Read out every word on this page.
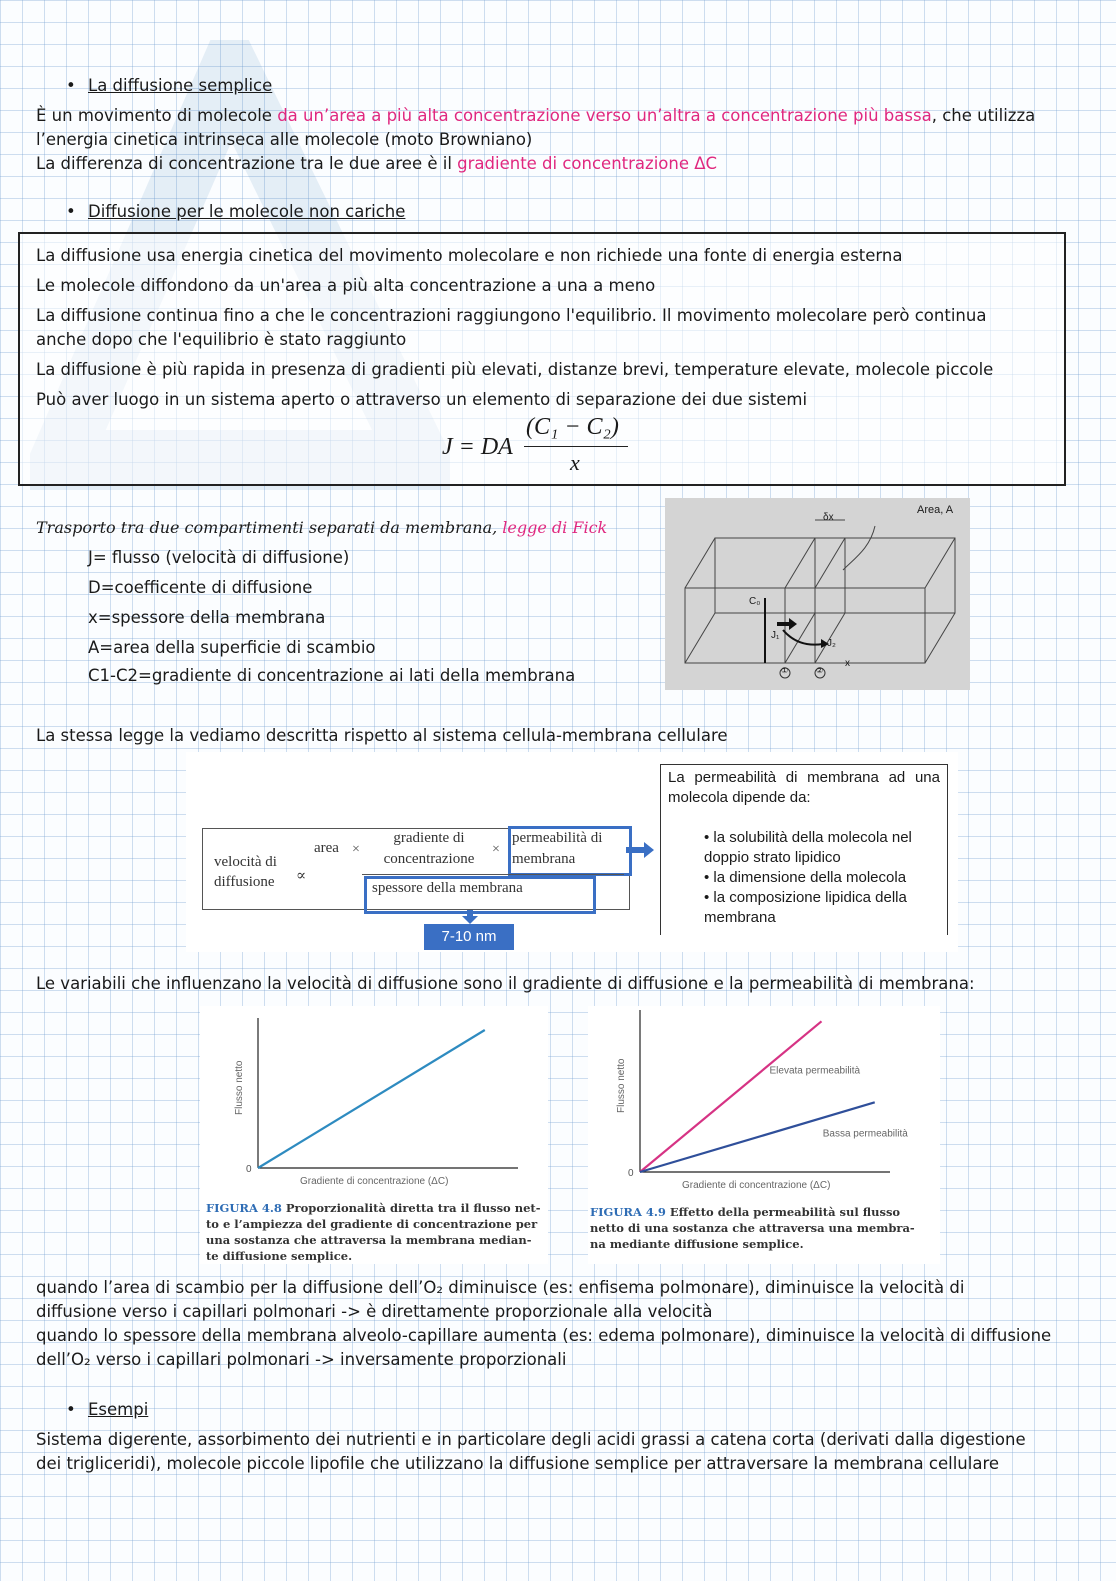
• La diffusione semplice
È un movimento di molecole da un’area a più alta concentrazione verso un’altra a concentrazione più bassa, che utilizza
l’energia cinetica intrinseca alle molecole (moto Browniano)
La differenza di concentrazione tra le due aree è il gradiente di concentrazione ΔC
• Diffusione per le molecole non cariche
La diffusione usa energia cinetica del movimento molecolare e non richiede una fonte di energia esterna
Le molecole diffondono da un'area a più alta concentrazione a una a meno
La diffusione continua fino a che le concentrazioni raggiungono l'equilibrio. Il movimento molecolare però continua
anche dopo che l'equilibrio è stato raggiunto
La diffusione è più rapida in presenza di gradienti più elevati, distanze brevi, temperature elevate, molecole piccole
Può aver luogo in un sistema aperto o attraverso un elemento di separazione dei due sistemi
J = DA
(C₁ − C₂)
x
Trasporto tra due compartimenti separati da membrana, legge di Fick
J= flusso (velocità di diffusione)
D=coefficente di diffusione
x=spessore della membrana
A=area della superficie di scambio
C1-C2=gradiente di concentrazione ai lati della membrana
Area, A
δx
C₀
J₁
J₂
①	②
x
La stessa legge la vediamo descritta rispetto al sistema cellula-membrana cellulare
velocità di diffusione	∝
area ×
gradiente di concentrazione
×
permeabilità di membrana
spessore della membrana
7-10 nm
La permeabilità di membrana ad una molecola dipende da:
• la solubilità della molecola nel doppio strato lipidico
• la dimensione della molecola
• la composizione lipidica della membrana
Le variabili che influenzano la velocità di diffusione sono il gradiente di diffusione e la permeabilità di membrana:
0
Gradiente di concentrazione (ΔC)
Flusso netto
FIGURA 4.8 Proporzionalità diretta tra il flusso net-
to e l’ampiezza del gradiente di concentrazione per
una sostanza che attraversa la membrana median-
te diffusione semplice.
0
Gradiente di concentrazione (ΔC)
Flusso netto	Elevata permeabilità
Bassa permeabilità
FIGURA 4.9 Effetto della permeabilità sul flusso
netto di una sostanza che attraversa una membra-
na mediante diffusione semplice.
quando l’area di scambio per la diffusione dell’O₂ diminuisce (es: enfisema polmonare), diminuisce la velocità di
diffusione verso i capillari polmonari -> è direttamente proporzionale alla velocità
quando lo spessore della membrana alveolo-capillare aumenta (es: edema polmonare), diminuisce la velocità di diffusione
dell’O₂ verso i capillari polmonari -> inversamente proporzionali
• Esempi
Sistema digerente, assorbimento dei nutrienti e in particolare degli acidi grassi a catena corta (derivati dalla digestione
dei trigliceridi), molecole piccole lipofile che utilizzano la diffusione semplice per attraversare la membrana cellulare
